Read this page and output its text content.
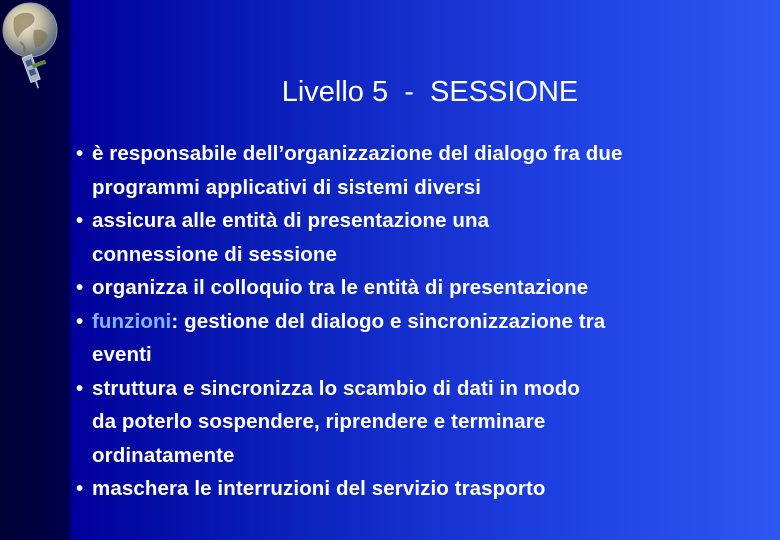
Livello 5  -  SESSIONE
• è responsabile dell’organizzazione del dialogo fra due
programmi applicativi di sistemi diversi
• assicura alle entità di presentazione una
connessione di sessione
• organizza il colloquio tra le entità di presentazione
• funzioni: gestione del dialogo e sincronizzazione tra
eventi
• struttura e sincronizza lo scambio di dati in modo
da poterlo sospendere, riprendere e terminare
ordinatamente
• maschera le interruzioni del servizio trasporto
